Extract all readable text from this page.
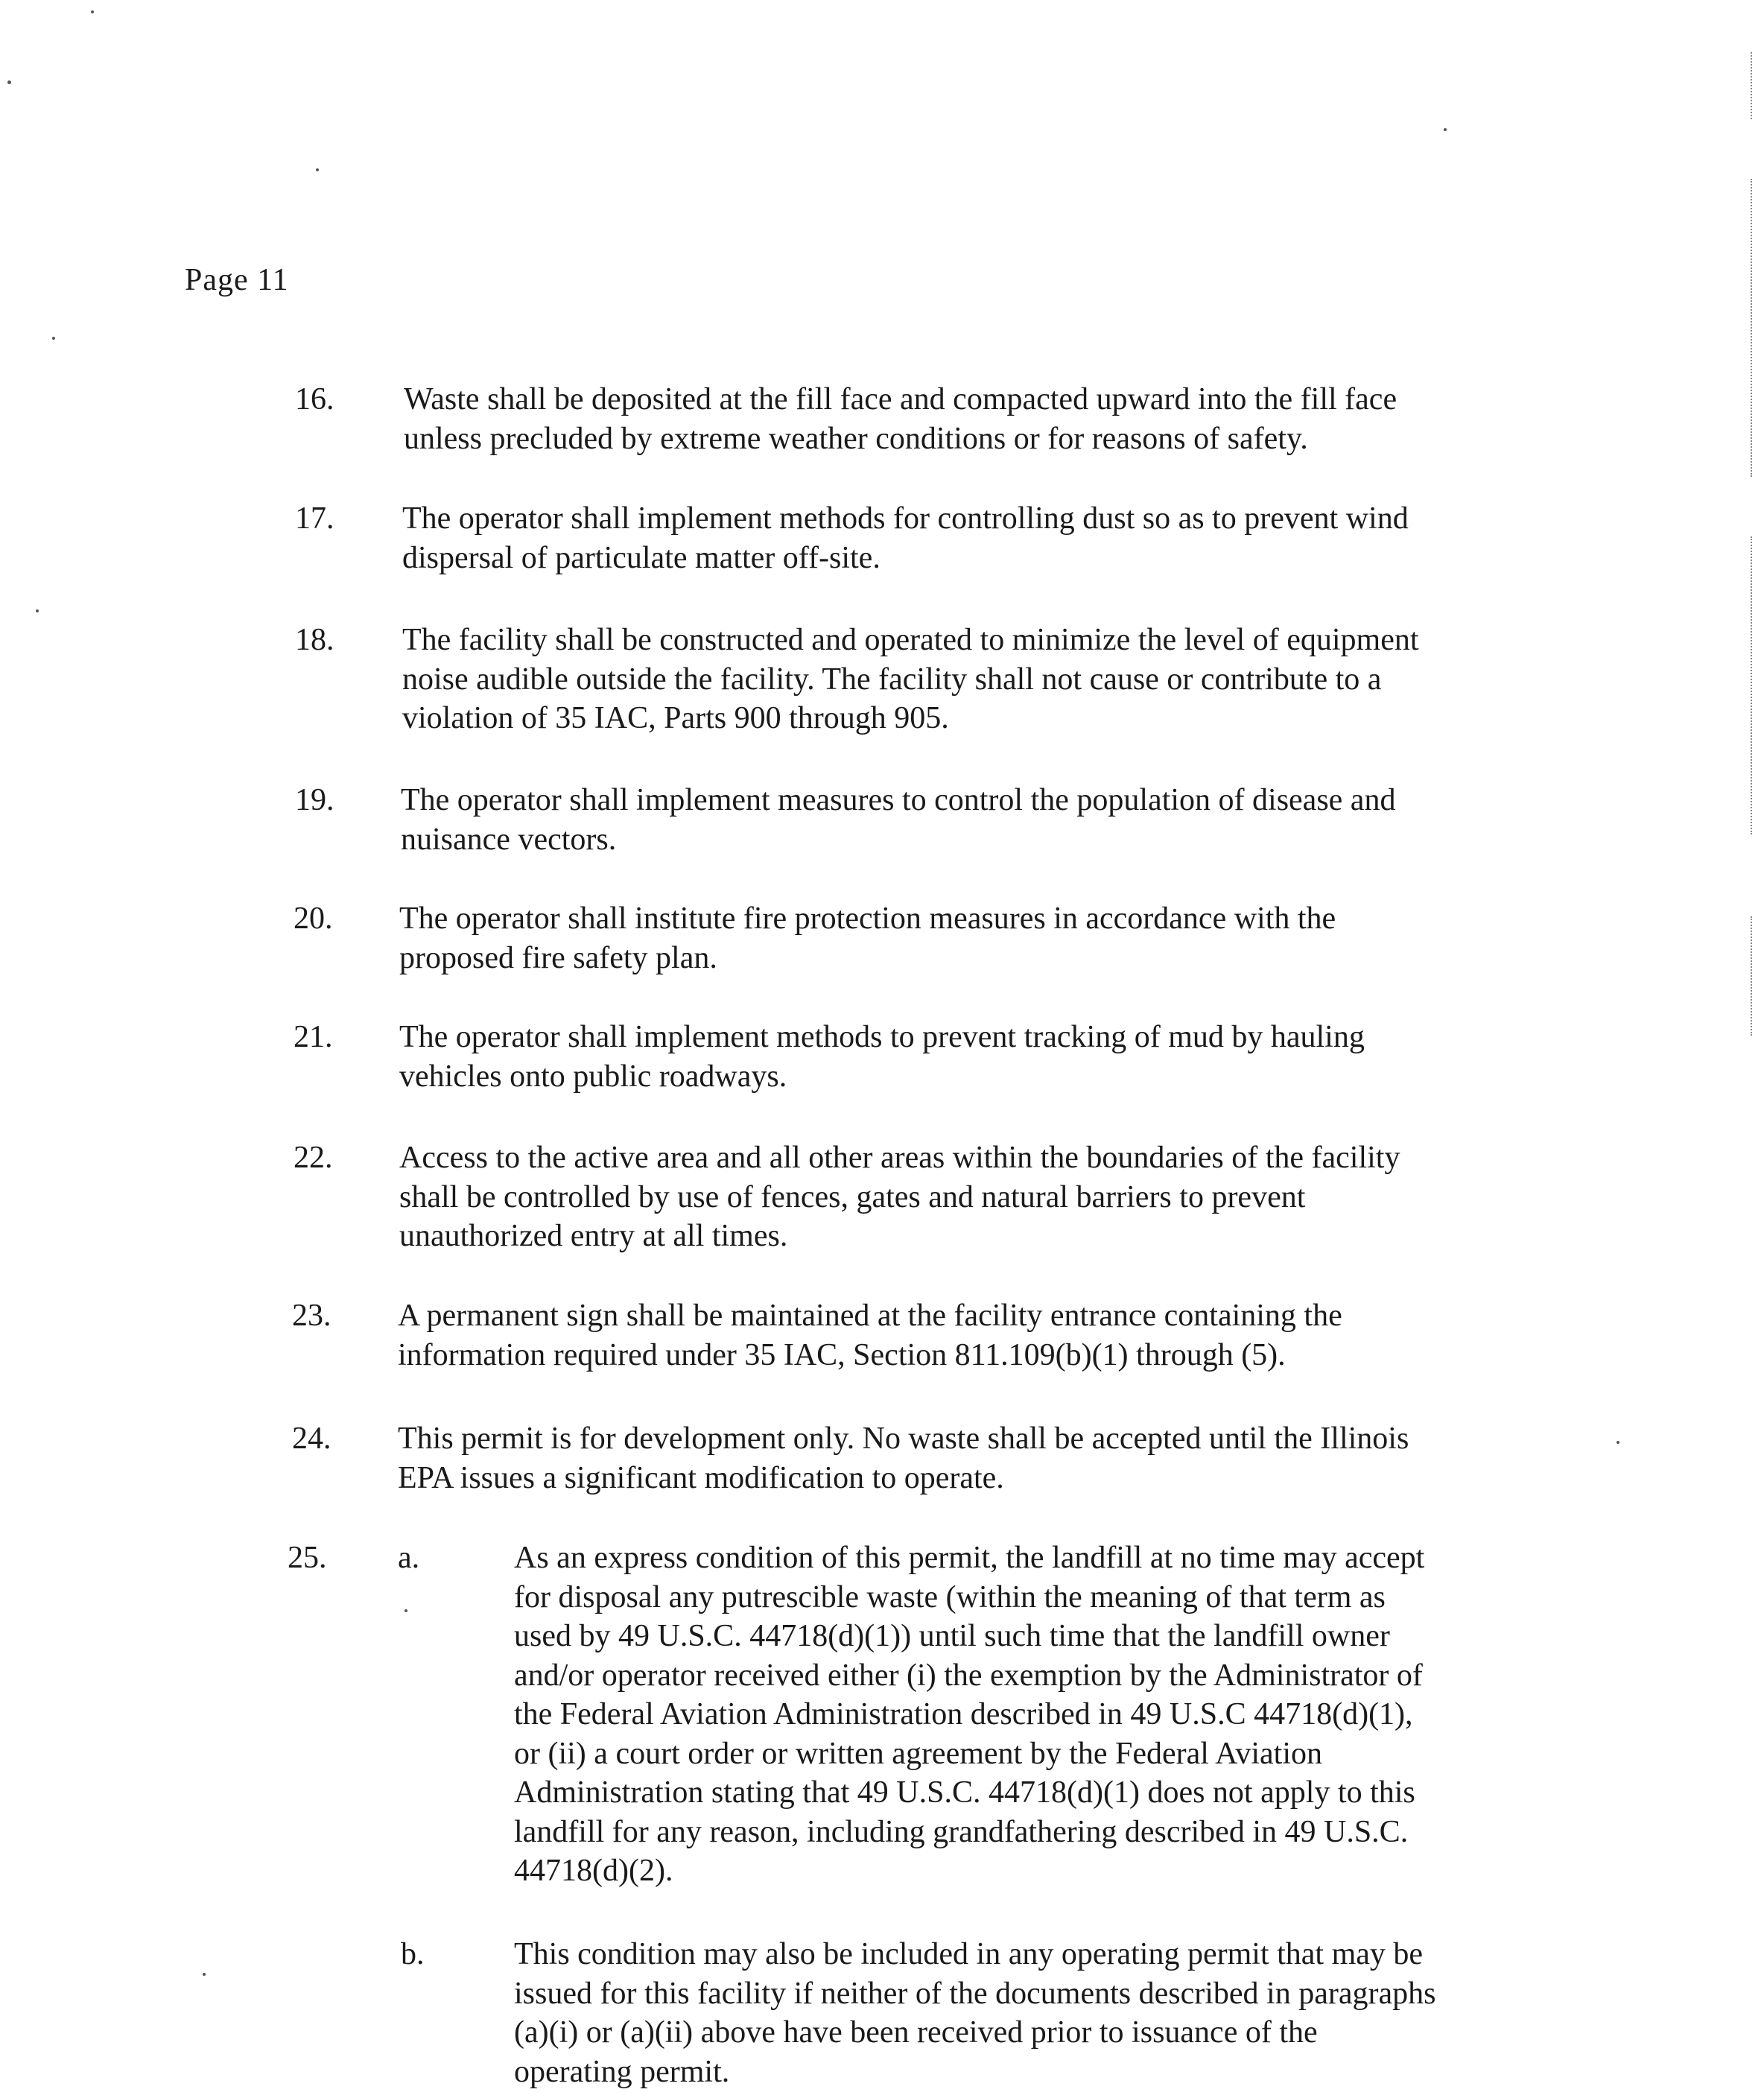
Page 11
16. Waste shall be deposited at the fill face and compacted upward into the fill face
unless precluded by extreme weather conditions or for reasons of safety.
17. The operator shall implement methods for controlling dust so as to prevent wind
dispersal of particulate matter off-site.
18. The facility shall be constructed and operated to minimize the level of equipment
noise audible outside the facility. The facility shall not cause or contribute to a
violation of 35 IAC, Parts 900 through 905.
19. The operator shall implement measures to control the population of disease and
nuisance vectors.
20. The operator shall institute fire protection measures in accordance with the
proposed fire safety plan.
21. The operator shall implement methods to prevent tracking of mud by hauling
vehicles onto public roadways.
22. Access to the active area and all other areas within the boundaries of the facility
shall be controlled by use of fences, gates and natural barriers to prevent
unauthorized entry at all times.
23. A permanent sign shall be maintained at the facility entrance containing the
information required under 35 IAC, Section 811.109(b)(1) through (5).
24. This permit is for development only. No waste shall be accepted until the Illinois
EPA issues a significant modification to operate.
25. a.	As an express condition of this permit, the landfill at no time may accept
for disposal any putrescible waste (within the meaning of that term as
used by 49 U.S.C. 44718(d)(1)) until such time that the landfill owner
and/or operator received either (i) the exemption by the Administrator of
the Federal Aviation Administration described in 49 U.S.C 44718(d)(1),
or (ii) a court order or written agreement by the Federal Aviation
Administration stating that 49 U.S.C. 44718(d)(1) does not apply to this
landfill for any reason, including grandfathering described in 49 U.S.C.
44718(d)(2).
b.	This condition may also be included in any operating permit that may be
issued for this facility if neither of the documents described in paragraphs
(a)(i) or (a)(ii) above have been received prior to issuance of the
operating permit.
